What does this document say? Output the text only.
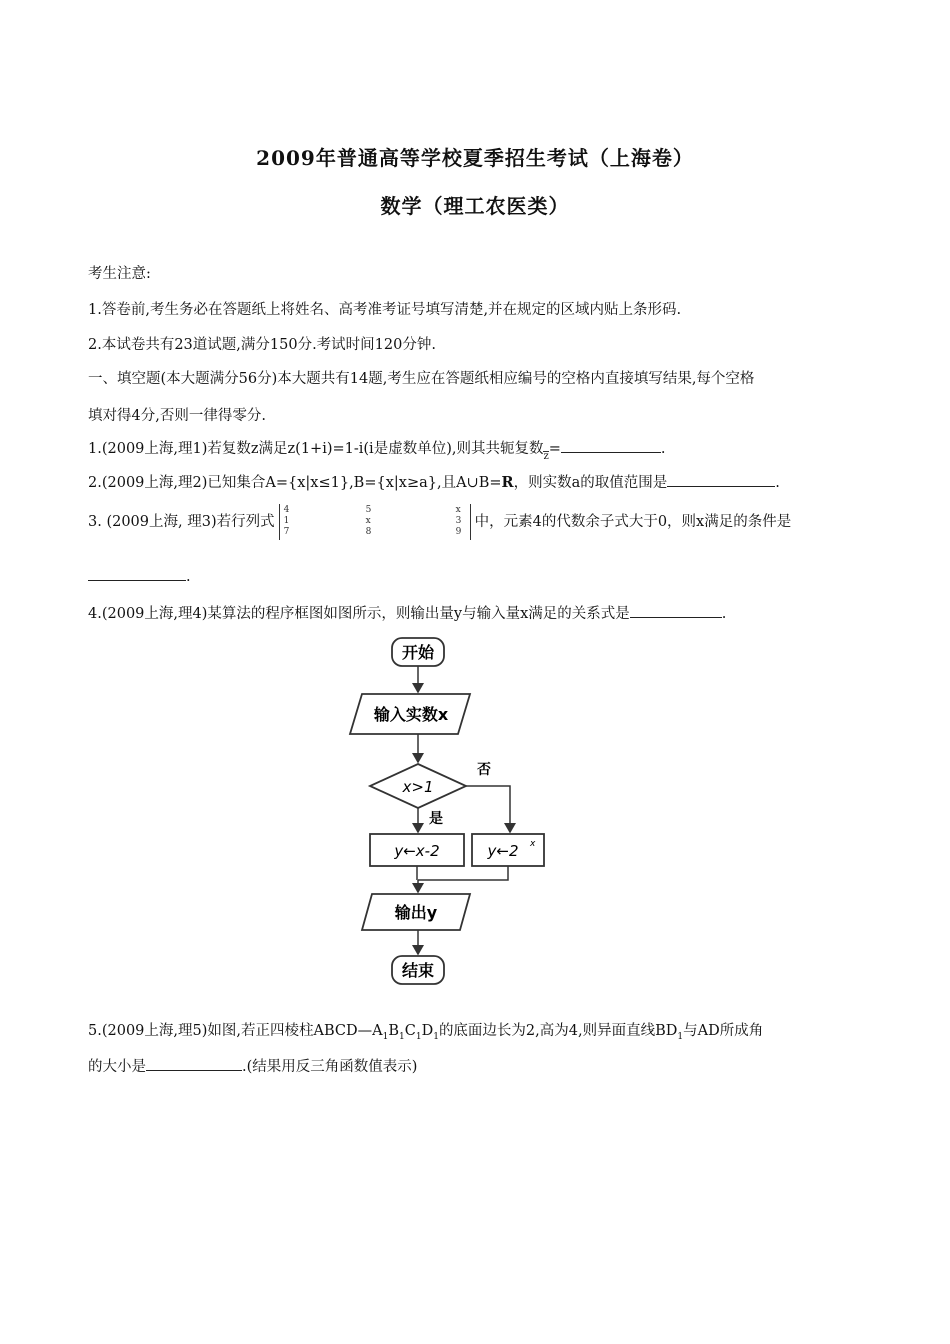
2009年普通高等学校夏季招生考试（上海卷）
数学（理工农医类）
考生注意:
1.答卷前,考生务必在答题纸上将姓名、高考准考证号填写清楚,并在规定的区域内贴上条形码.
2.本试卷共有23道试题,满分150分.考试时间120分钟.
一、填空题(本大题满分56分)本大题共有14题,考生应在答题纸相应编号的空格内直接填写结果,每个空格
填对得4分,否则一律得零分.
1.(2009上海,理1)若复数z满足z(1+i)=1-i(i是虚数单位),则其共轭复数z=	.
2.(2009上海,理2)已知集合A={x|x≤1},B={x|x≥a},且A∪B=R，则实数a的取值范围是	.
3. (2009上海, 理3)若行列式
4	5	x
1	x	3
7	8	9
中，元素4的代数余子式大于0，则x满足的条件是
.
4.(2009上海,理4)某算法的程序框图如图所示，则输出量y与输入量x满足的关系式是	.
开始
输入实数x
x>1
否
是
y←x-2	y←2 x
输出y
结束
5.(2009上海,理5)如图,若正四棱柱$ABCD—A_1B_1C_1D_1$的底面边长为2,高为4,则异面直线$BD_1$与AD所成角
的大小是	.(结果用反三角函数值表示)
